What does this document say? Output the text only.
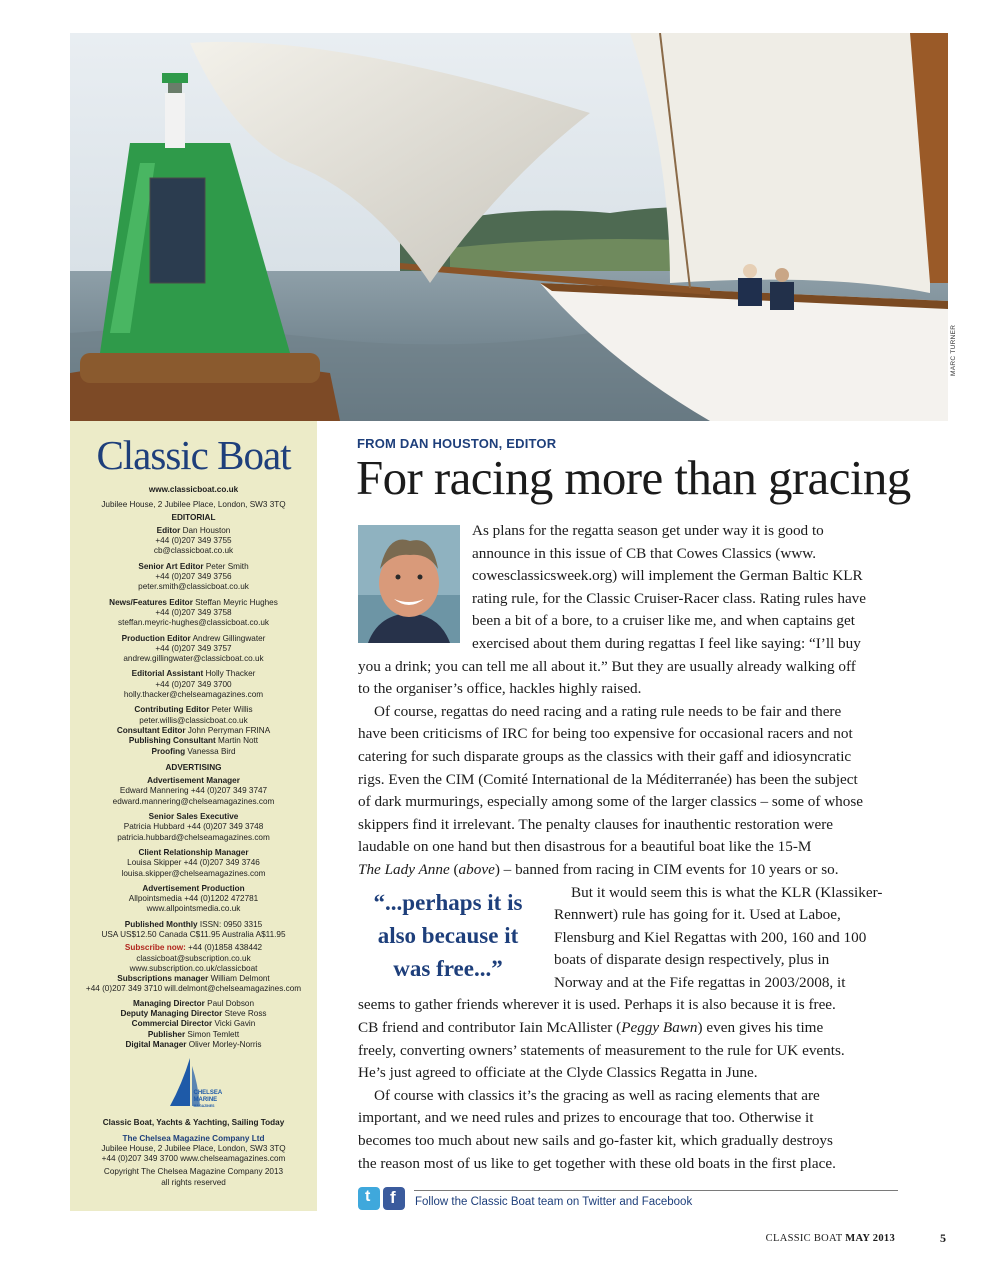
MARC TURNER
Classic Boat
www.classicboat.co.uk
Jubilee House, 2 Jubilee Place, London, SW3 3TQ
EDITORIAL
Editor Dan Houston
+44 (0)207 349 3755
cb@classicboat.co.uk
Senior Art Editor Peter Smith
+44 (0)207 349 3756
peter.smith@classicboat.co.uk
News/Features Editor Steffan Meyric Hughes
+44 (0)207 349 3758
steffan.meyric-hughes@classicboat.co.uk
Production Editor Andrew Gillingwater
+44 (0)207 349 3757
andrew.gillingwater@classicboat.co.uk
Editorial Assistant Holly Thacker
+44 (0)207 349 3700
holly.thacker@chelseamagazines.com
Contributing Editor Peter Willis
peter.willis@classicboat.co.uk
Consultant Editor John Perryman FRINA
Publishing Consultant Martin Nott
Proofing Vanessa Bird
ADVERTISING
Advertisement Manager
Edward Mannering +44 (0)207 349 3747
edward.mannering@chelseamagazines.com
Senior Sales Executive
Patricia Hubbard +44 (0)207 349 3748
patricia.hubbard@chelseamagazines.com
Client Relationship Manager
Louisa Skipper +44 (0)207 349 3746
louisa.skipper@chelseamagazines.com
Advertisement Production
Allpointsmedia +44 (0)1202 472781
www.allpointsmedia.co.uk
Published Monthly ISSN: 0950 3315
USA US$12.50 Canada C$11.95 Australia A$11.95
Subscribe now: +44 (0)1858 438442
classicboat@subscription.co.uk
www.subscription.co.uk/classicboat
Subscriptions manager William Delmont
+44 (0)207 349 3710 will.delmont@chelseamagazines.com
Managing Director Paul Dobson
Deputy Managing Director Steve Ross
Commercial Director Vicki Gavin
Publisher Simon Temlett
Digital Manager Oliver Morley-Norris
CHELSEA
MARINE
MAGAZINES
Classic Boat, Yachts & Yachting, Sailing Today
The Chelsea Magazine Company Ltd
Jubilee House, 2 Jubilee Place, London, SW3 3TQ
+44 (0)207 349 3700 www.chelseamagazines.com
Copyright The Chelsea Magazine Company 2013
all rights reserved
FROM DAN HOUSTON, EDITOR
For racing more than gracing
As plans for the regatta season get under way it is good to
announce in this issue of CB that Cowes Classics (www.
cowesclassicsweek.org) will implement the German Baltic KLR
rating rule, for the Classic Cruiser-Racer class. Rating rules have
been a bit of a bore, to a cruiser like me, and when captains get
exercised about them during regattas I feel like saying: “I’ll buy
you a drink; you can tell me all about it.” But they are usually already walking off
to the organiser’s office, hackles highly raised.
Of course, regattas do need racing and a rating rule needs to be fair and there
have been criticisms of IRC for being too expensive for occasional racers and not
catering for such disparate groups as the classics with their gaff and idiosyncratic
rigs. Even the CIM (Comité International de la Méditerranée) has been the subject
of dark murmurings, especially among some of the larger classics – some of whose
skippers find it irrelevant. The penalty clauses for inauthentic restoration were
laudable on one hand but then disastrous for a beautiful boat like the 15-M
The Lady Anne (above) – banned from racing in CIM events for 10 years or so.
But it would seem this is what the KLR (Klassiker-
Rennwert) rule has going for it. Used at Laboe,
Flensburg and Kiel Regattas with 200, 160 and 100
boats of disparate design respectively, plus in
Norway and at the Fife regattas in 2003/2008, it
seems to gather friends wherever it is used. Perhaps it is also because it is free.
CB friend and contributor Iain McAllister (Peggy Bawn) even gives his time
freely, converting owners’ statements of measurement to the rule for UK events.
He’s just agreed to officiate at the Clyde Classics Regatta in June.
Of course with classics it’s the gracing as well as racing elements that are
important, and we need rules and prizes to encourage that too. Otherwise it
becomes too much about new sails and go-faster kit, which gradually destroys
the reason most of us like to get together with these old boats in the first place.
“...perhaps it is also because it was free...”
t f Follow the Classic Boat team on Twitter and Facebook
CLASSIC BOAT MAY 2013	5
